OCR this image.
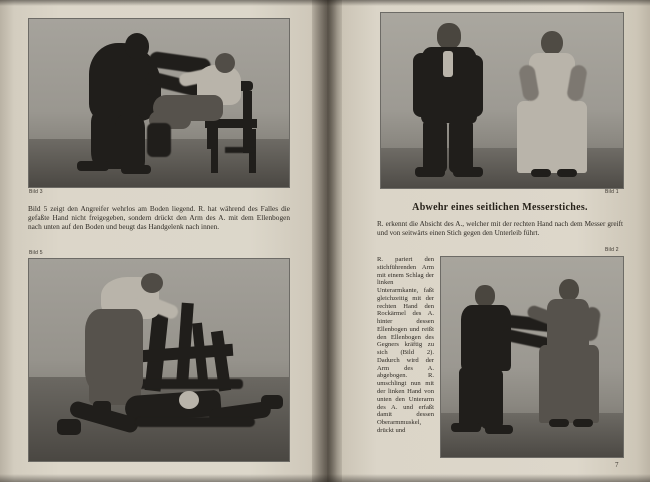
Bild 3
Bild 5 zeigt den Angreifer wehrlos am Boden liegend. R. hat während des Falles die gefaßte Hand nicht freigegeben, sondern drückt den Arm des A. mit dem Ellenbogen nach unten auf den Boden und beugt das Handgelenk nach innen.
Bild 5
Bild 1
Abwehr eines seitlichen Messerstiches.
R. erkennt die Absicht des A., welcher mit der rechten Hand nach dem Messer greift und von seitwärts einen Stich gegen den Unterleib führt.
Bild 2
R. pariert den stichführenden Arm mit einem Schlag der linken Unterarmkante, faßt gleichzeitig mit der rechten Hand den Rockärmel des A. hinter dessen Ellenbogen und reißt den Ellenbogen des Gegners kräftig zu sich (Bild 2). Dadurch wird der Arm des A. abgebogen. R. umschlingt nun mit der linken Hand von unten den Unterarm des A. und erfaßt damit dessen Oberarmmuskel, drückt und
7
